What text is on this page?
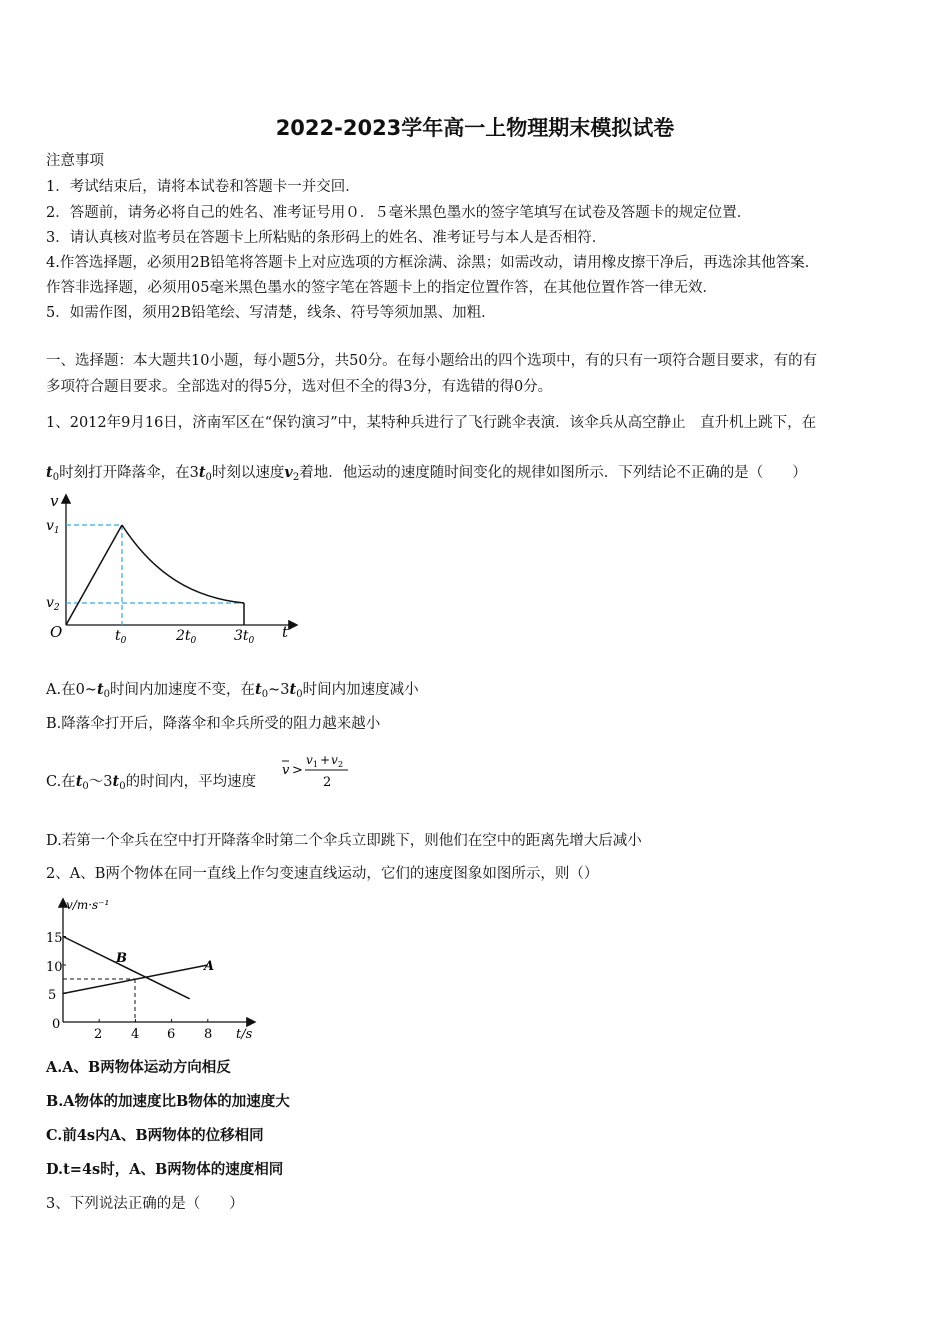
2022-2023学年高一上物理期末模拟试卷
注意事项
1．考试结束后，请将本试卷和答题卡一并交回．
2．答题前，请务必将自己的姓名、准考证号用０．５毫米黑色墨水的签字笔填写在试卷及答题卡的规定位置．
3．请认真核对监考员在答题卡上所粘贴的条形码上的姓名、准考证号与本人是否相符．
4.作答选择题，必须用2B铅笔将答题卡上对应选项的方框涂满、涂黑；如需改动，请用橡皮擦干净后，再选涂其他答案．
作答非选择题，必须用05毫米黑色墨水的签字笔在答题卡上的指定位置作答，在其他位置作答一律无效．
5．如需作图，须用2B铅笔绘、写清楚，线条、符号等须加黑、加粗．
一、选择题：本大题共10小题，每小题5分，共50分。在每小题给出的四个选项中，有的只有一项符合题目要求，有的有
多项符合题目要求。全部选对的得5分，选对但不全的得3分，有选错的得0分。
1、2012年9月16日，济南军区在“保钓演习”中，某特种兵进行了飞行跳伞表演．该伞兵从高空静止　直升机上跳下，在
$t_0$时刻打开降落伞，在$3t_0$时刻以速度$v_2$着地．他运动的速度随时间变化的规律如图所示．下列结论不正确的是（　　）
v
$v_1$
$v_2$
O	$t_0$	$2t_0$	$3t_0$ t
A.在$0\sim t_0$时间内加速度不变，在$t_0\sim 3t_0$时间内加速度减小
B.降落伞打开后，降落伞和伞兵所受的阻力越来越小
C.在$t_0\sim 3t_0$的时间内，平均速度
v >
v 1 + v 2
2
D.若第一个伞兵在空中打开降落伞时第二个伞兵立即跳下，则他们在空中的距离先增大后减小
2、A、B两个物体在同一直线上作匀变速直线运动，它们的速度图象如图所示，则（）
A
B
v/m·s⁻¹
15
10
5
0
2 4 6 8 t/s
A.A、B两物体运动方向相反
B.A物体的加速度比B物体的加速度大
C.前4s内A、B两物体的位移相同
D.t=4s时，A、B两物体的速度相同
3、下列说法正确的是（　　）
